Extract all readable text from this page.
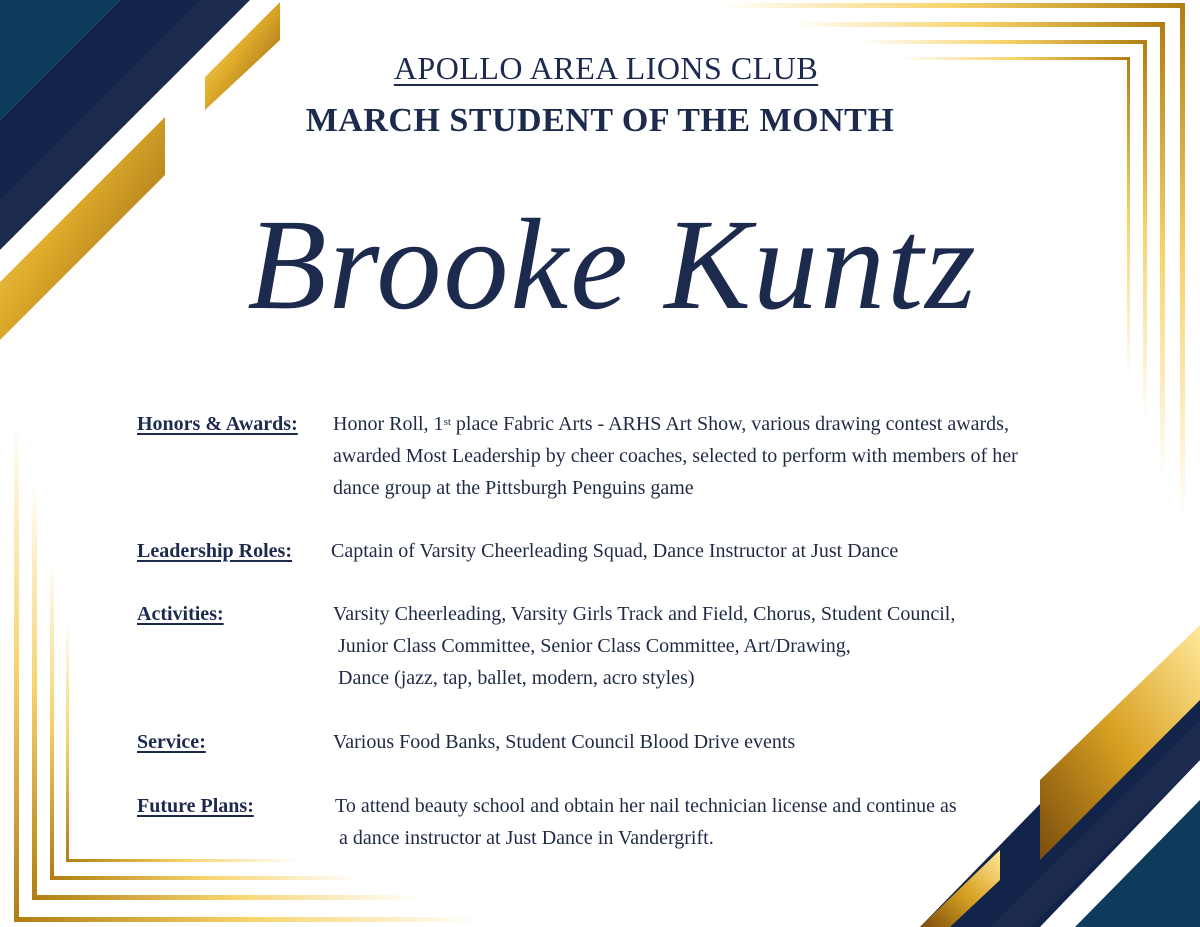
APOLLO AREA LIONS CLUB
MARCH STUDENT OF THE MONTH
Brooke Kuntz
Honors & Awards: Honor Roll, 1st place Fabric Arts - ARHS Art Show, various drawing contest awards,
awarded Most Leadership by cheer coaches, selected to perform with members of her
dance group at the Pittsburgh Penguins game
Leadership Roles: Captain of Varsity Cheerleading Squad, Dance Instructor at Just Dance
Activities:	Varsity Cheerleading, Varsity Girls Track and Field, Chorus, Student Council,
Junior Class Committee, Senior Class Committee, Art/Drawing,
Dance (jazz, tap, ballet, modern, acro styles)
Service:	Various Food Banks, Student Council Blood Drive events
Future Plans:	To attend beauty school and obtain her nail technician license and continue as
a dance instructor at Just Dance in Vandergrift.
